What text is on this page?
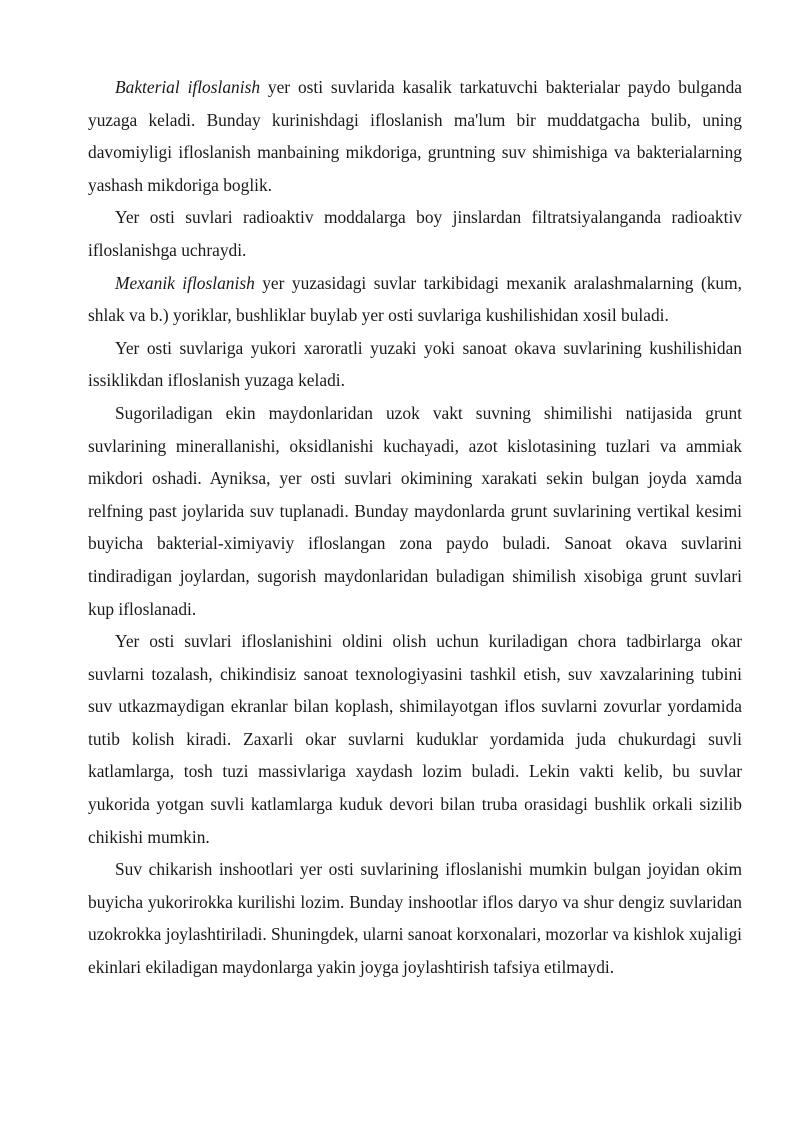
Bakterial ifloslanish yer osti suvlarida kasalik tarkatuvchi bakterialar paydo bulganda yuzaga keladi. Bunday kurinishdagi ifloslanish ma'lum bir muddatgacha bulib, uning davomiyligi ifloslanish manbaining mikdoriga, gruntning suv shimishiga va bakterialarning yashash mikdoriga boglik.

Yer osti suvlari radioaktiv moddalarga boy jinslardan filtratsiyalanganda radioaktiv ifloslanishga uchraydi.

Mexanik ifloslanish yer yuzasidagi suvlar tarkibidagi mexanik aralashmalarning (kum, shlak va b.) yoriklar, bushliklar buylab yer osti suvlariga kushilishidan xosil buladi.

Yer osti suvlariga yukori xaroratli yuzaki yoki sanoat okava suvlarining kushilishidan issiklikdan ifloslanish yuzaga keladi.

Sugoriladigan ekin maydonlaridan uzok vakt suvning shimilishi natijasida grunt suvlarining minerallanishi, oksidlanishi kuchayadi, azot kislotasining tuzlari va ammiak mikdori oshadi. Ayniksa, yer osti suvlari okimining xarakati sekin bulgan joyda xamda relfning past joylarida suv tuplanadi. Bunday maydonlarda grunt suvlarining vertikal kesimi buyicha bakterial-ximiyaviy ifloslangan zona paydo buladi. Sanoat okava suvlarini tindiradigan joylardan, sugorish maydonlaridan buladigan shimilish xisobiga grunt suvlari kup ifloslanadi.

Yer osti suvlari ifloslanishini oldini olish uchun kuriladigan chora tadbirlarga okar suvlarni tozalash, chikindisiz sanoat texnologiyasini tashkil etish, suv xavzalarining tubini suv utkazmaydigan ekranlar bilan koplash, shimilayotgan iflos suvlarni zovurlar yordamida tutib kolish kiradi. Zaxarli okar suvlarni kuduklar yordamida juda chukurdagi suvli katlamlarga, tosh tuzi massivlariga xaydash lozim buladi. Lekin vakti kelib, bu suvlar yukorida yotgan suvli katlamlarga kuduk devori bilan truba orasidagi bushlik orkali sizilib chikishi mumkin.

Suv chikarish inshootlari yer osti suvlarining ifloslanishi mumkin bulgan joyidan okim buyicha yukorirokka kurilishi lozim. Bunday inshootlar iflos daryo va shur dengiz suvlaridan uzokrokka joylashtiriladi. Shuningdek, ularni sanoat korxonalari, mozorlar va kishlok xujaligi ekinlari ekiladigan maydonlarga yakin joyga joylashtirish tafsiya etilmaydi.
